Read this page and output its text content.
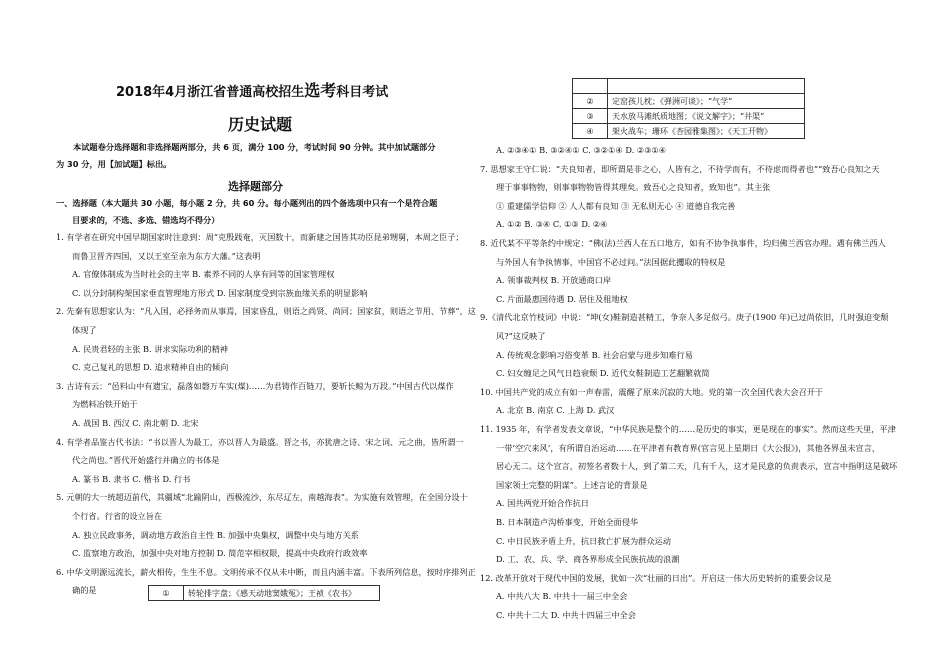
2018年4月浙江省普通高校招生选考科目考试
历史试题
本试题卷分选择题和非选择题两部分，共 6 页，满分 100 分，考试时间 90 分钟。其中加试题部分
为 30 分，用【加试题】标出。
选择题部分
一、选择题（本大题共 30 小题，每小题 2 分，共 60 分。每小题列出的四个备选项中只有一个是符合题
目要求的，不选、多选、错选均不得分）
1. 有学者在研究中国早期国家时注意到：周“克殷践奄，灭国数十，而新建之国皆其功臣昆弟甥舅，本周之臣子；
而鲁卫晋齐四国，又以王室至亲为东方大藩。”这表明
A. 官僚体制成为当时社会的主宰 B. 素养不同的人享有同等的国家管理权
C. 以分封制构架国家垂直管理地方形式 D. 国家制度受到宗族血缘关系的明显影响
2. 先秦有思想家认为：“凡入国，必择务而从事焉，国家昏乱，则语之尚贤、尚同；国家贫，则语之节用、节葬”，这
体现了
A. 民贵君轻的主张 B. 讲求实际功利的精神
C. 克己复礼的思想 D. 追求精神自由的倾向
3. 古诗有云：“邑料山中有遗宝，磊落如磐万车实(煤)……为君铸作百链刀，要斩长鲸为万段。”中国古代以煤作
为燃料冶铁开始于
A. 战国 B. 西汉 C. 南北朝 D. 北宋
4. 有学者品鉴古代书法：“书以晋人为最工，亦以晋人为最盛。晋之书，亦犹唐之诗、宋之词、元之曲，皆所谓一
代之尚也。”晋代开始盛行并确立的书体是
A. 篆书 B. 隶书 C. 楷书 D. 行书
5. 元朝的大一统超迈前代，其疆域“北踰阴山，西极流沙，东尽辽左，南越海表”。为实施有效管理，在全国分设十
个行省。行省的设立旨在
A. 独立民政事务，调动地方政治自主性 B. 加强中央集权，调整中央与地方关系
C. 监察地方政治，加强中央对地方控制 D. 简范宰相权限，提高中央政府行政效率
6. 中华文明源远流长，薪火相传，生生不息。文明传承不仅从未中断，而且内涵丰富。下表所列信息，按时序排列正
确的是	①	转轮排字盘；《感天动地窦娥冤》；王祯《农书》

②	定窑孩儿枕；《弹洲可谈》；“气学”
③	天水放马滩纸质地图；《说文解字》；“井渠”
④	架火战车；珊环《杏园雅集图》；《天工开物》
A. ②③④① B. ③②④① C. ③②①④ D. ②③①④
7. 思想家王守仁说：“夫良知者，即所谓是非之心，人皆有之，不待学而有，不待虑而得者也”“致吾心良知之天
理于事事物物，则事事物物皆得其理矣。致吾心之良知者，致知也”。其主张
① 重建儒学信仰 ② 人人都有良知 ③ 无私则无心 ④ 道德自我完善
A. ①② B. ③④ C. ①③ D. ②④
8. 近代某不平等条约中规定：“佛(法)兰西人在五口地方，如有不协争执事件，均归佛兰西官办理。遇有佛兰西人
与外国人有争执情事，中国官不必过问。”法国据此攫取的特权是
A. 领事裁判权 B. 开放通商口岸
C. 片面最惠国待遇 D. 居住及租地权
9.《清代北京竹枝词》中说：“坤(女)鞋制造甚精工，争奈人多足似弓。庚子(1900 年)已过尚依旧，几时强迫变颓
风?”这反映了
A. 传统观念影响习俗变革 B. 社会启蒙与进步知难行易
C. 妇女缠足之风气日趋衰颓 D. 近代女鞋制造工艺翻繁就简
10. 中国共产党的成立有如一声春雷，震醒了原来沉寂的大地。党的第一次全国代表大会召开于
A. 北京 B. 南京 C. 上海 D. 武汉
11. 1935 年，有学者发表文章说，“中华民族是整个的……是历史的事实，更是现在的事实”。然而这些天里，平津
一带‘空穴来风’，有所谓自治运动……在平津者有教育界(官言见上星期日《大公报》)，其他各界虽未宣言，
居心无二。这个宣言，初签名者数十人，到了第二天，几有千人，这才是民意的负责表示，宣言中指明这是破坏
国家领土完整的阴谋”。上述言论的背景是
A. 国共两党开始合作抗日
B. 日本制造卢沟桥事变，开始全面侵华
C. 中日民族矛盾上升，抗日救亡扩展为群众运动
D. 工、农、兵、学、商各界形成全民族抗战的浪潮
12. 改革开放对于现代中国的发展，犹如一次“壮丽的日出”。开启这一伟大历史转折的重要会议是
A. 中共八大 B. 中共十一届三中全会
C. 中共十二大 D. 中共十四届三中全会
